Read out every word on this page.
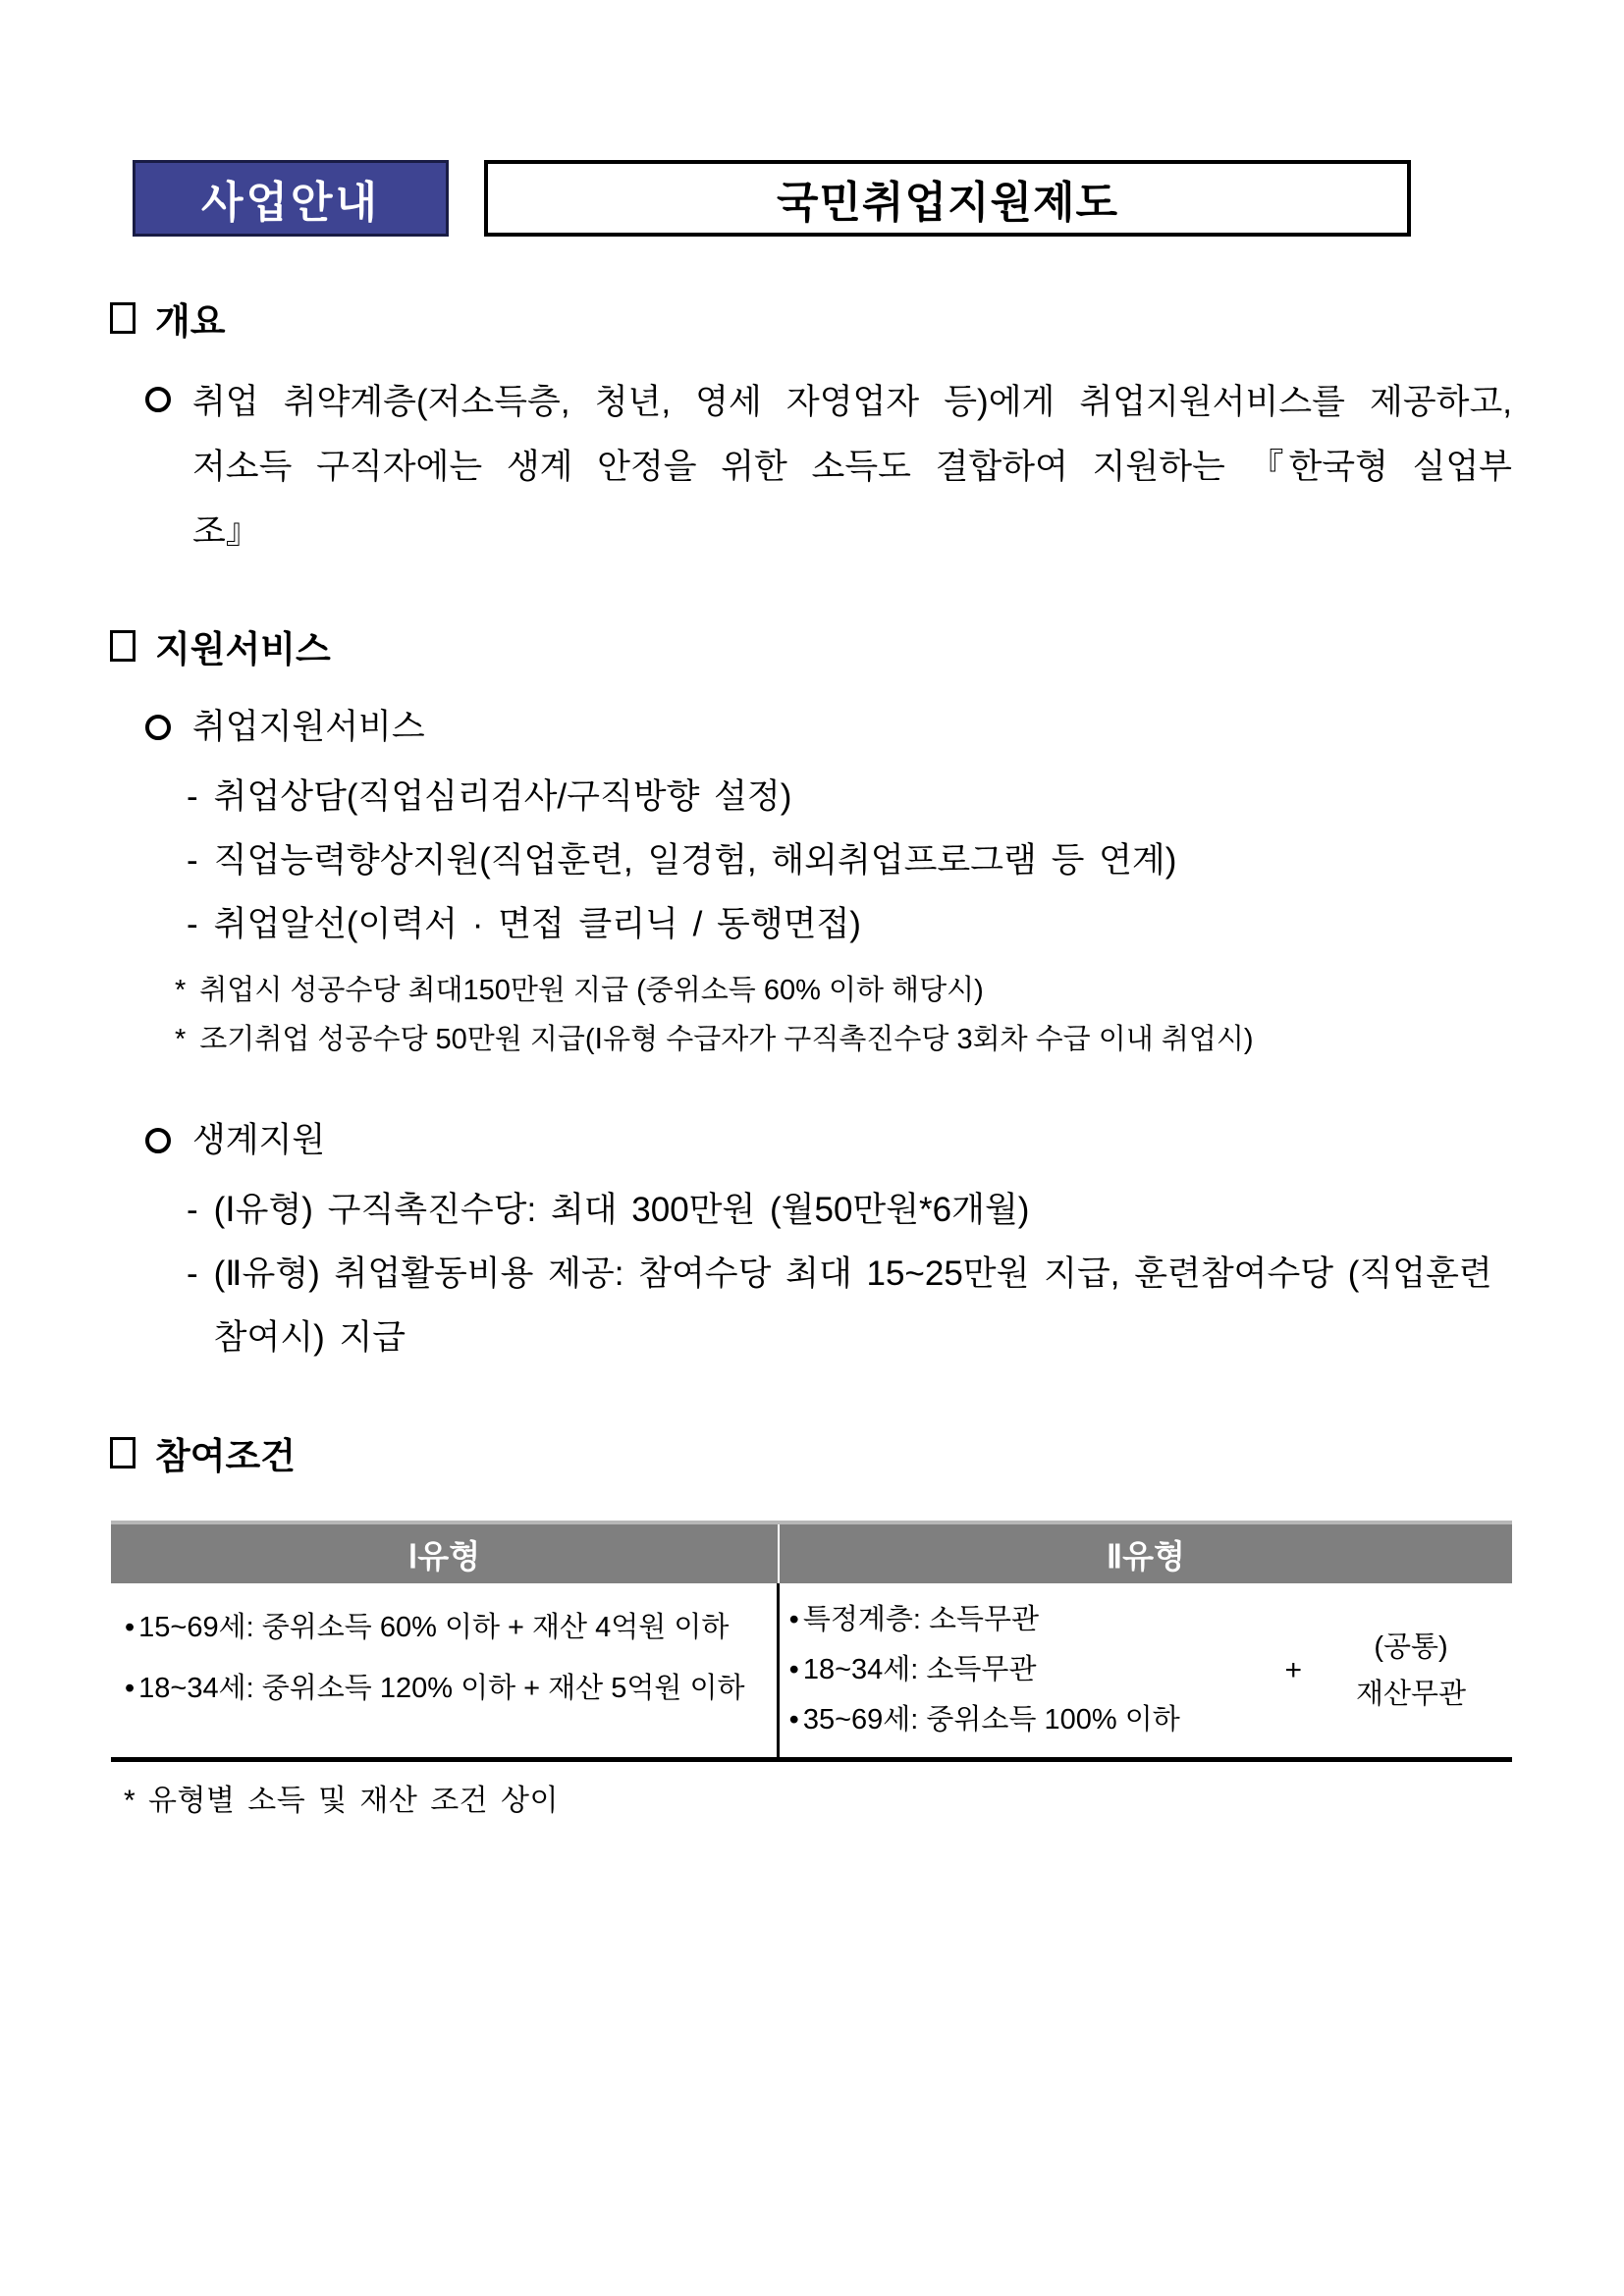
사업안내	국민취업지원제도
개요

취업 취약계층(저소득층, 청년, 영세 자영업자 등)에게 취업지원서비스를 제공하고, 저소득 구직자에는 생계 안정을 위한 소득도 결합하여 지원하는 『한국형 실업부조』

지원서비스
취업지원서비스
- 취업상담(직업심리검사/구직방향 설정)
- 직업능력향상지원(직업훈련, 일경험, 해외취업프로그램 등 연계)
- 취업알선(이력서 · 면접 클리닉 / 동행면접)
* 취업시 성공수당 최대150만원 지급 (중위소득 60% 이하 해당시)
* 조기취업 성공수당 50만원 지급(Ⅰ유형 수급자가 구직촉진수당 3회차 수급 이내 취업시)
생계지원
- (Ⅰ유형) 구직촉진수당: 최대 300만원 (월50만원*6개월)
- (Ⅱ유형) 취업활동비용 제공: 참여수당 최대 15~25만원 지급, 훈련참여수당 (직업훈련 참여시) 지급
참여조건
Ⅰ유형	Ⅱ유형
• 15~69세: 중위소득 60% 이하 + 재산 4억원 이하
• 18~34세: 중위소득 120% 이하 + 재산 5억원 이하
• 특정계층: 소득무관
• 18~34세: 소득무관
• 35~69세: 중위소득 100% 이하
+
(공통)
재산무관
* 유형별 소득 및 재산 조건 상이
